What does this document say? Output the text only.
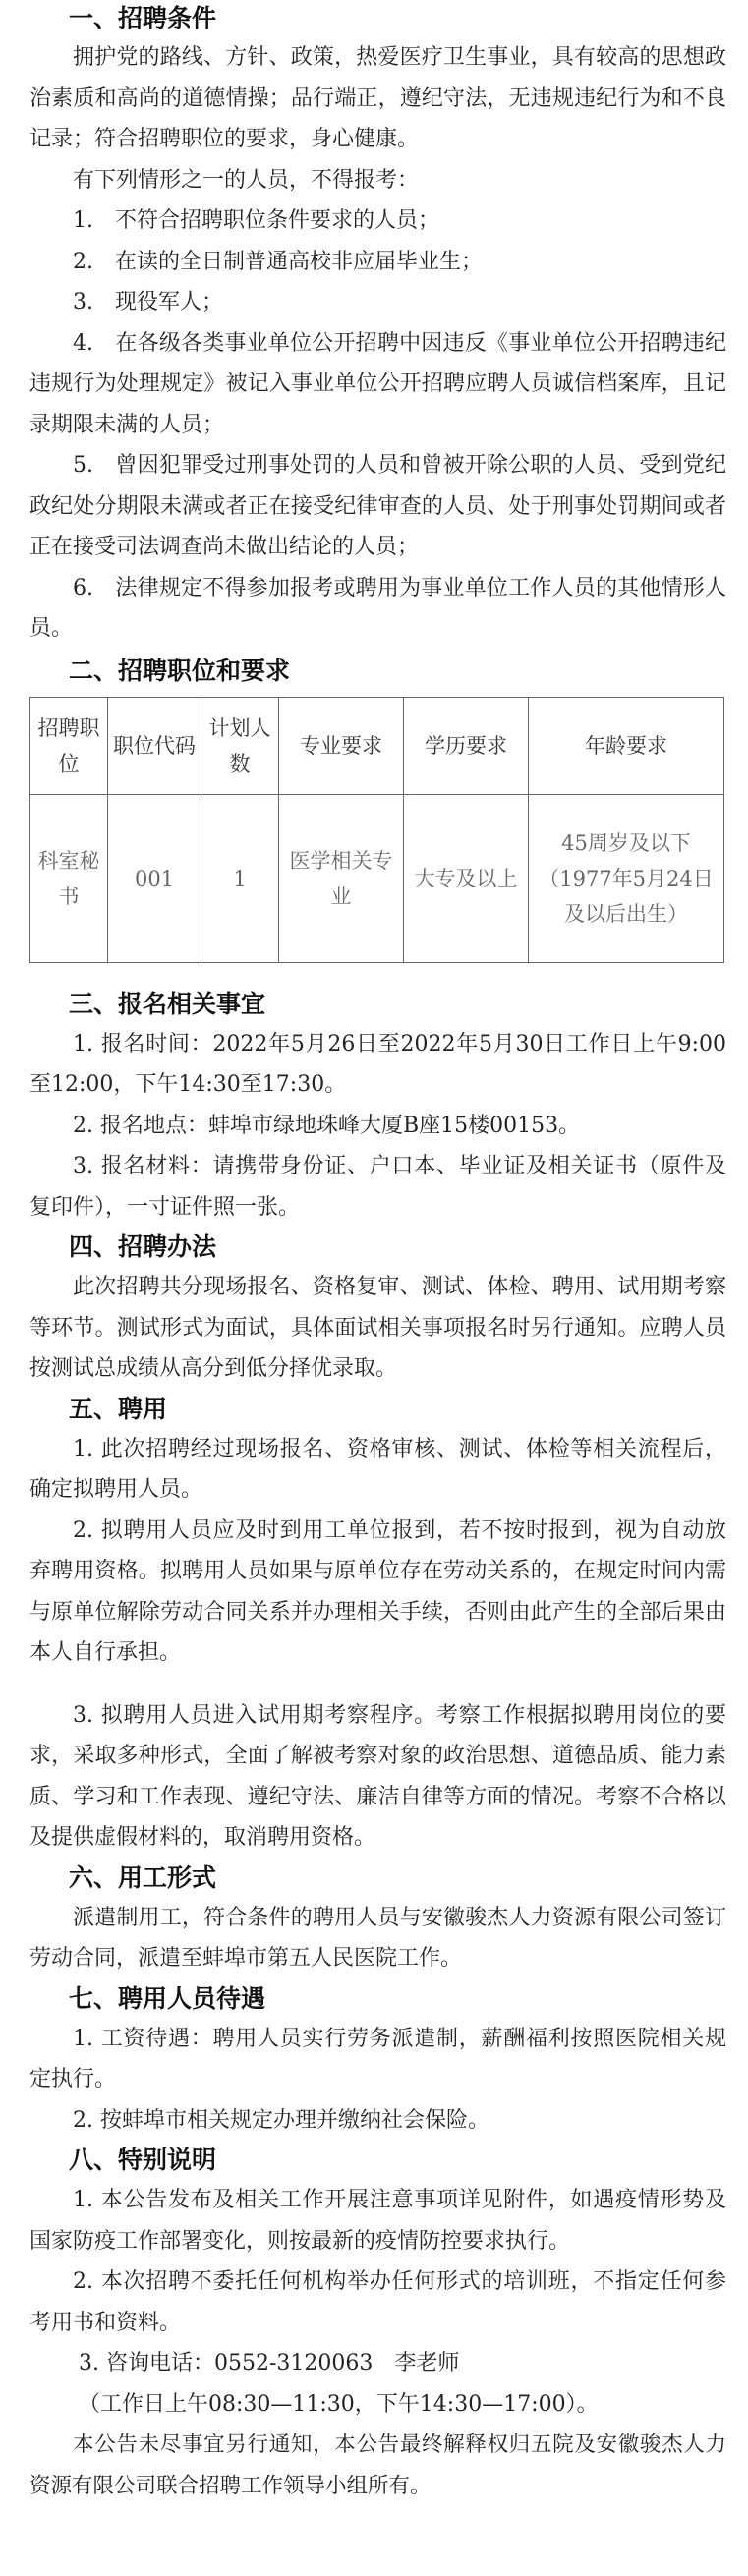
一、招聘条件

拥护党的路线、方针、政策，热爱医疗卫生事业，具有较高的思想政治素质和高尚的道德情操；品行端正，遵纪守法，无违规违纪行为和不良记录；符合招聘职位的要求，身心健康。

有下列情形之一的人员，不得报考：

1.　不符合招聘职位条件要求的人员；

2.　在读的全日制普通高校非应届毕业生；

3.　现役军人；

4.　在各级各类事业单位公开招聘中因违反《事业单位公开招聘违纪违规行为处理规定》被记入事业单位公开招聘应聘人员诚信档案库，且记录期限未满的人员；

5.　曾因犯罪受过刑事处罚的人员和曾被开除公职的人员、受到党纪政纪处分期限未满或者正在接受纪律审查的人员、处于刑事处罚期间或者正在接受司法调查尚未做出结论的人员；

6.　法律规定不得参加报考或聘用为事业单位工作人员的其他情形人员。

二、招聘职位和要求
招聘职位	职位代码	计划人数	专业要求	学历要求	年龄要求
科室秘书	001	1	医学相关专业	大专及以上	45周岁及以下（1977年5月24日及以后出生）
三、报名相关事宜

1. 报名时间：2022年5月26日至2022年5月30日工作日上午9:00至12:00，下午14:30至17:30。

2. 报名地点：蚌埠市绿地珠峰大厦B座15楼00153。

3. 报名材料：请携带身份证、户口本、毕业证及相关证书（原件及复印件），一寸证件照一张。

四、招聘办法

此次招聘共分现场报名、资格复审、测试、体检、聘用、试用期考察等环节。测试形式为面试，具体面试相关事项报名时另行通知。应聘人员按测试总成绩从高分到低分择优录取。

五、聘用

1. 此次招聘经过现场报名、资格审核、测试、体检等相关流程后，确定拟聘用人员。

2. 拟聘用人员应及时到用工单位报到，若不按时报到，视为自动放弃聘用资格。拟聘用人员如果与原单位存在劳动关系的，在规定时间内需与原单位解除劳动合同关系并办理相关手续，否则由此产生的全部后果由本人自行承担。

3. 拟聘用人员进入试用期考察程序。考察工作根据拟聘用岗位的要求，采取多种形式，全面了解被考察对象的政治思想、道德品质、能力素质、学习和工作表现、遵纪守法、廉洁自律等方面的情况。考察不合格以及提供虚假材料的，取消聘用资格。

六、用工形式

派遣制用工，符合条件的聘用人员与安徽骏杰人力资源有限公司签订劳动合同，派遣至蚌埠市第五人民医院工作。

七、聘用人员待遇

1. 工资待遇：聘用人员实行劳务派遣制，薪酬福利按照医院相关规定执行。

2. 按蚌埠市相关规定办理并缴纳社会保险。

八、特别说明

1. 本公告发布及相关工作开展注意事项详见附件，如遇疫情形势及国家防疫工作部署变化，则按最新的疫情防控要求执行。

2. 本次招聘不委托任何机构举办任何形式的培训班，不指定任何参考用书和资料。

3. 咨询电话：0552-3120063　李老师

（工作日上午08:30—11:30，下午14:30—17:00）。

本公告未尽事宜另行通知，本公告最终解释权归五院及安徽骏杰人力资源有限公司联合招聘工作领导小组所有。
